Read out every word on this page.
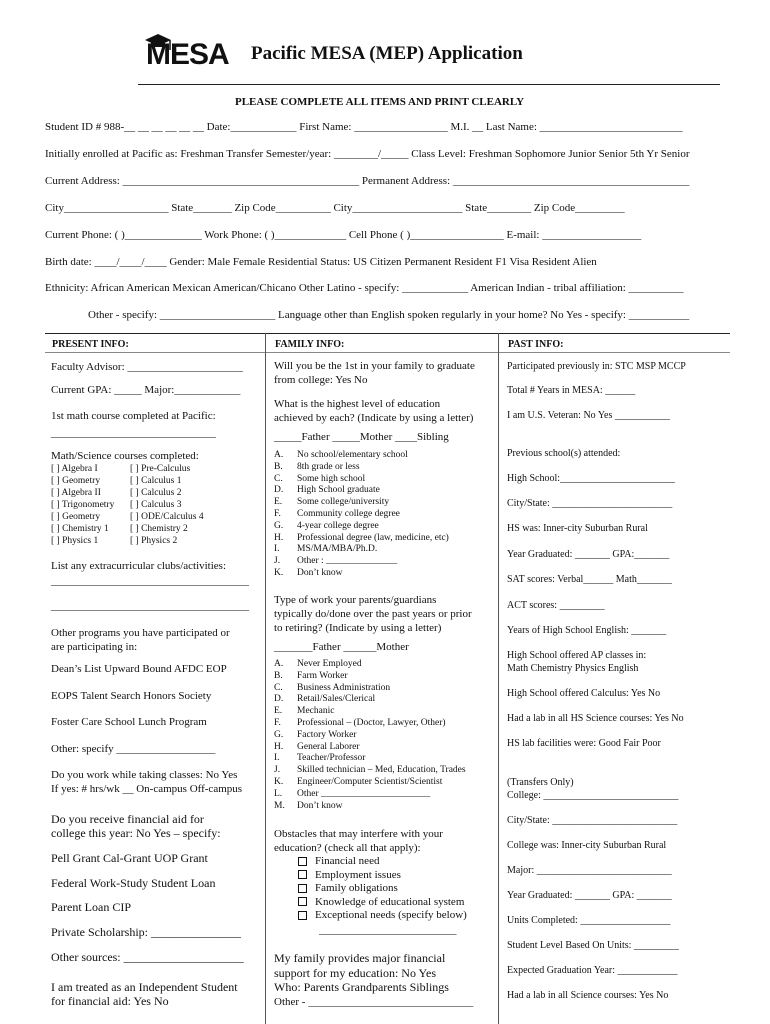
MESA Pacific MESA (MEP) Application
PLEASE COMPLETE ALL ITEMS AND PRINT CLEARLY
Student ID # 988-__ __ __ __ __ __ Date:____________ First Name: _________________ M.I. __ Last Name: __________________________
Initially enrolled at Pacific as: Freshman Transfer Semester/year: ________/_____ Class Level: Freshman Sophomore Junior Senior 5th Yr Senior
Current Address: ___________________________________________ Permanent Address: ___________________________________________
City___________________ State_______ Zip Code__________ City____________________ State________ Zip Code_________
Current Phone: ( )______________ Work Phone: ( )_____________ Cell Phone ( )_________________ E-mail: __________________
Birth date: ____/____/____ Gender: Male Female Residential Status: US Citizen Permanent Resident F1 Visa Resident Alien
Ethnicity: African American Mexican American/Chicano Other Latino - specify: ____________ American Indian - tribal affiliation: __________
Other - specify: _____________________ Language other than English spoken regularly in your home? No Yes - specify: ___________
PRESENT INFO:	FAMILY INFO:	PAST INFO:
Faculty Advisor: _____________________
Current GPA: _____ Major:____________
1st math course completed at Pacific:
______________________________
Math/Science courses completed:
[ ] Algebra I
[ ] Geometry
[ ] Algebra II
[ ] Trigonometry
[ ] Geometry
[ ] Chemistry 1
[ ] Physics 1
[ ] Pre-Calculus
[ ] Calculus 1
[ ] Calculus 2
[ ] Calculus 3
[ ] ODE/Calculus 4
[ ] Chemistry 2
[ ] Physics 2
List any extracurricular clubs/activities:
____________________________________
____________________________________
Other programs you have participated or
are participating in:
Dean’s List Upward Bound AFDC EOP
EOPS Talent Search Honors Society
Foster Care School Lunch Program
Other: specify __________________
Do you work while taking classes: No Yes
If yes: # hrs/wk __ On-campus Off-campus
Do you receive financial aid for
college this year: No Yes – specify:
Pell Grant Cal-Grant UOP Grant
Federal Work-Study Student Loan
Parent Loan CIP
Private Scholarship: _______________
Other sources: ____________________
I am treated as an Independent Student
for financial aid: Yes No
Will you be the 1st in your family to graduate
from college: Yes No
What is the highest level of education
achieved by each? (Indicate by using a letter)
_____Father _____Mother ____Sibling
A.
B.
C.
D.
E.
F.
G.
H.
I.
J.
K.
No school/elementary school
8th grade or less
Some high school
High School graduate
Some college/university
Community college degree
4-year college degree
Professional degree (law, medicine, etc)
MS/MA/MBA/Ph.D.
Other : _______________
Don’t know
Type of work your parents/guardians
typically do/done over the past years or prior
to retiring? (Indicate by using a letter)
_______Father ______Mother
A.
B.
C.
D.
E.
F.
G.
H.
I.
J.
K.
L.
M.
Never Employed
Farm Worker
Business Administration
Retail/Sales/Clerical
Mechanic
Professional – (Doctor, Lawyer, Other)
Factory Worker
General Laborer
Teacher/Professor
Skilled technician – Med, Education, Trades
Engineer/Computer Scientist/Scientist
Other _______________________
Don’t know
Obstacles that may interfere with your
education? (check all that apply):
Financial need
Employment issues
Family obligations
Knowledge of educational system
Exceptional needs (specify below)
_________________________
My family provides major financial
support for my education: No Yes
Who: Parents Grandparents Siblings
Other - ______________________________
Participated previously in: STC MSP MCCP
Total # Years in MESA: ______
I am U.S. Veteran: No Yes ___________
Previous school(s) attended:
High School:_______________________
City/State: ________________________
HS was: Inner-city Suburban Rural
Year Graduated: _______ GPA:_______
SAT scores: Verbal______ Math_______
ACT scores: _________
Years of High School English: _______
High School offered AP classes in:
Math Chemistry Physics English
High School offered Calculus: Yes No
Had a lab in all HS Science courses: Yes No
HS lab facilities were: Good Fair Poor
(Transfers Only)
College: ___________________________
City/State: _________________________
College was: Inner-city Suburban Rural
Major: ___________________________
Year Graduated: _______ GPA: _______
Units Completed: __________________
Student Level Based On Units: _________
Expected Graduation Year: ____________
Had a lab in all Science courses: Yes No
